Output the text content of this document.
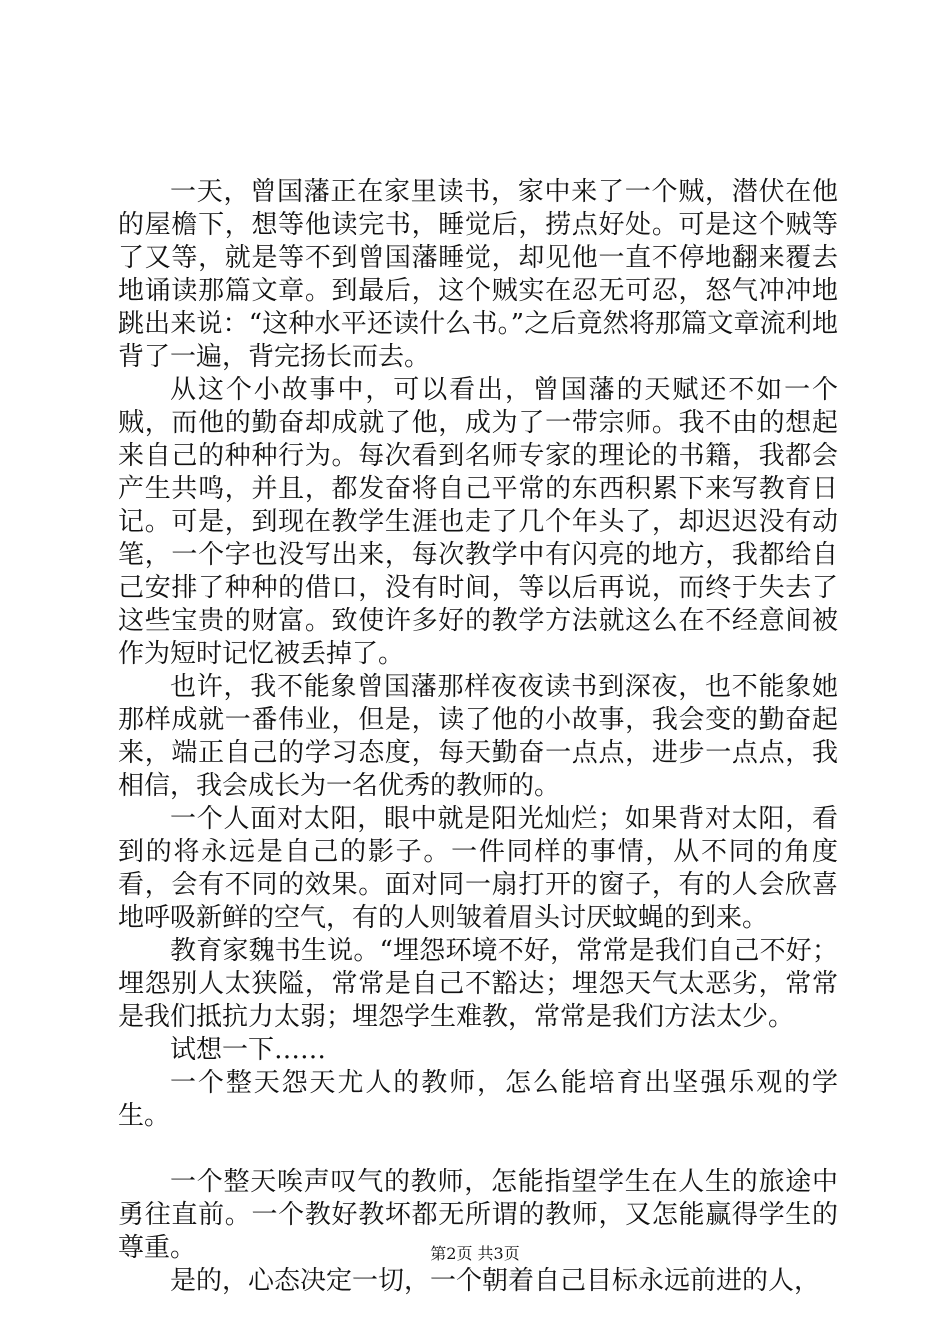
一天，曾国藩正在家里读书，家中来了一个贼，潜伏在他的屋檐下，想等他读完书，睡觉后，捞点好处。可是这个贼等了又等，就是等不到曾国藩睡觉，却见他一直不停地翻来覆去地诵读那篇文章。到最后，这个贼实在忍无可忍，怒气冲冲地跳出来说：“这种水平还读什么书。”之后竟然将那篇文章流利地背了一遍，背完扬长而去。

从这个小故事中，可以看出，曾国藩的天赋还不如一个贼，而他的勤奋却成就了他，成为了一带宗师。我不由的想起来自己的种种行为。每次看到名师专家的理论的书籍，我都会产生共鸣，并且，都发奋将自己平常的东西积累下来写教育日记。可是，到现在教学生涯也走了几个年头了，却迟迟没有动笔，一个字也没写出来，每次教学中有闪亮的地方，我都给自己安排了种种的借口，没有时间，等以后再说，而终于失去了这些宝贵的财富。致使许多好的教学方法就这么在不经意间被作为短时记忆被丢掉了。

也许，我不能象曾国藩那样夜夜读书到深夜，也不能象她那样成就一番伟业，但是，读了他的小故事，我会变的勤奋起来，端正自己的学习态度，每天勤奋一点点，进步一点点，我相信，我会成长为一名优秀的教师的。

一个人面对太阳，眼中就是阳光灿烂；如果背对太阳，看到的将永远是自己的影子。一件同样的事情，从不同的角度看，会有不同的效果。面对同一扇打开的窗子，有的人会欣喜地呼吸新鲜的空气，有的人则皱着眉头讨厌蚊蝇的到来。

教育家魏书生说。“埋怨环境不好，常常是我们自己不好；埋怨别人太狭隘，常常是自己不豁达；埋怨天气太恶劣，常常是我们抵抗力太弱；埋怨学生难教，常常是我们方法太少。

试想一下……

一个整天怨天尤人的教师，怎么能培育出坚强乐观的学生。

一个整天唉声叹气的教师，怎能指望学生在人生的旅途中勇往直前。一个教好教坏都无所谓的教师，又怎能赢得学生的尊重。

是的，心态决定一切，一个朝着自己目标永远前进的人，

第2页 共3页
